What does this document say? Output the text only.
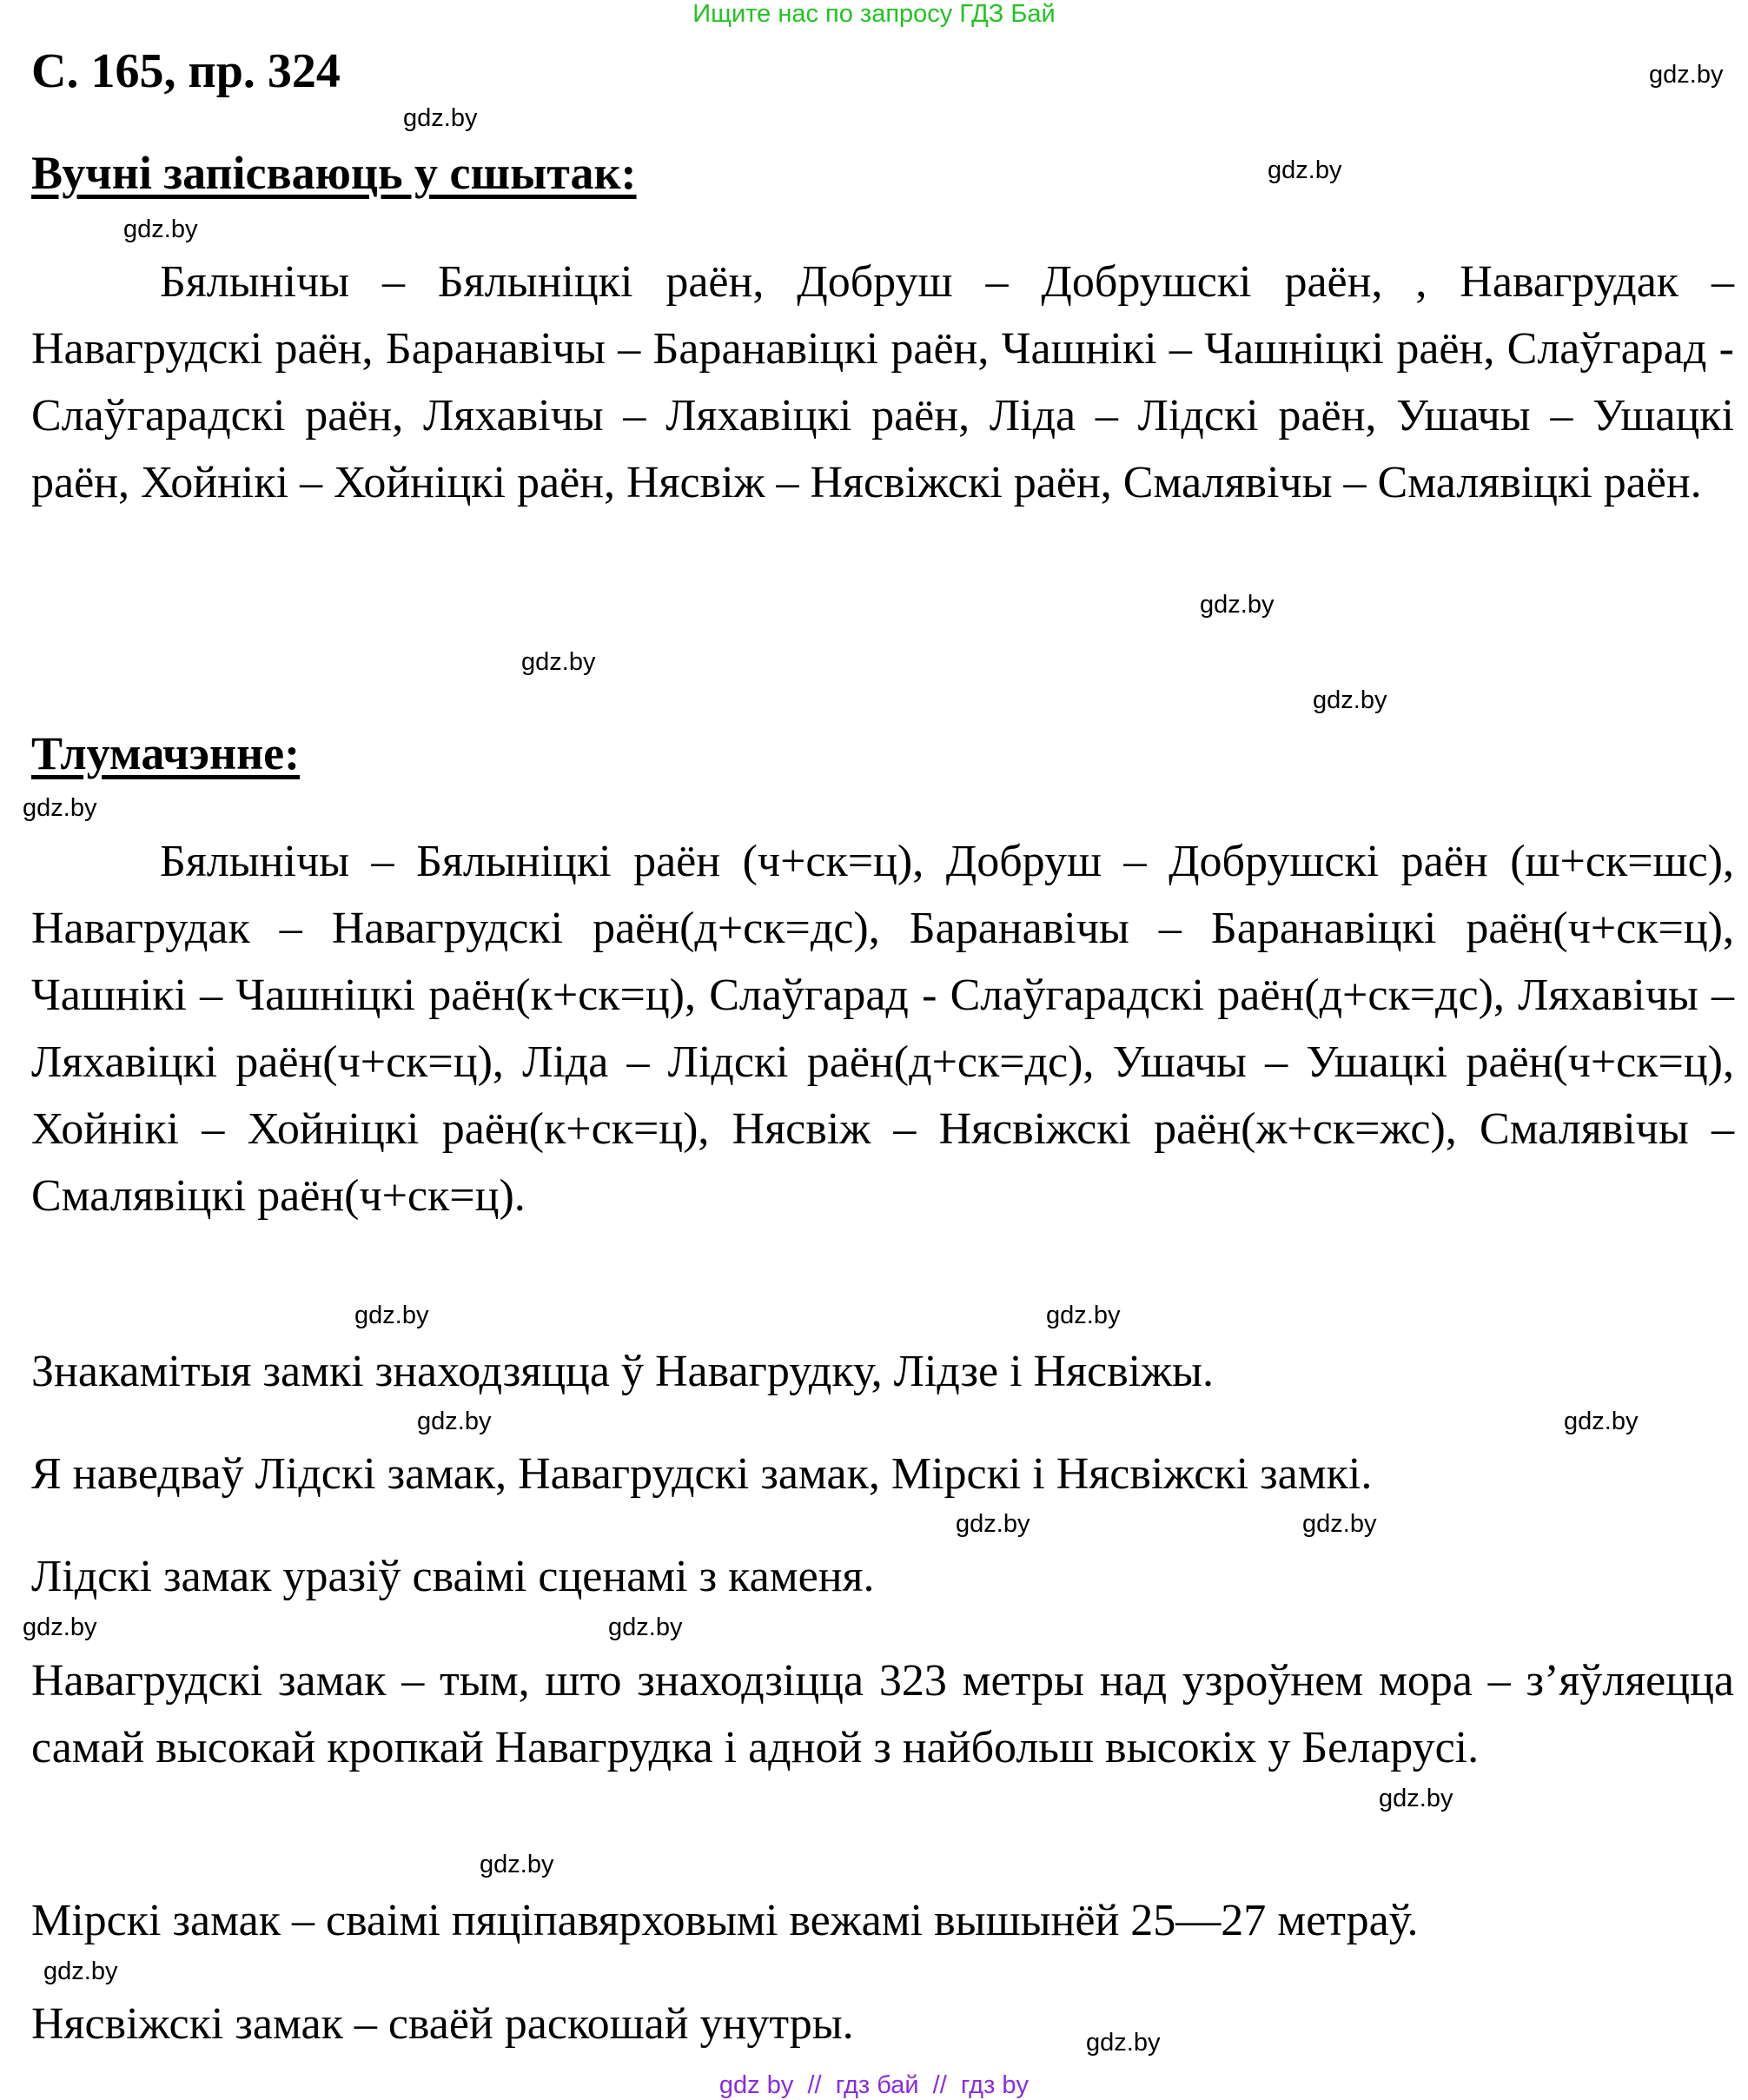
Ищите нас по запросу ГДЗ Бай
С. 165, пр. 324
Вучні запісваюць у сшытак:
Бялынічы – Бялыніцкі раён, Добруш – Добрушскі раён, , Навагрудак – Навагрудскі раён, Баранавічы – Баранавіцкі раён, Чашнікі – Чашніцкі раён, Слаўгарад - Слаўгарадскі раён, Ляхавічы – Ляхавіцкі раён, Ліда – Лідскі раён, Ушачы – Ушацкі раён, Хойнікі – Хойніцкі раён, Нясвіж – Нясвіжскі раён, Смалявічы – Смалявіцкі раён.
Тлумачэнне:
Бялынічы – Бялыніцкі раён (ч+ск=ц), Добруш – Добрушскі раён (ш+ск=шс), Навагрудак – Навагрудскі раён(д+ск=дс), Баранавічы – Баранавіцкі раён(ч+ск=ц), Чашнікі – Чашніцкі раён(к+ск=ц), Слаўгарад - Слаўгарадскі раён(д+ск=дс), Ляхавічы – Ляхавіцкі раён(ч+ск=ц), Ліда – Лідскі раён(д+ск=дс), Ушачы – Ушацкі раён(ч+ск=ц), Хойнікі – Хойніцкі раён(к+ск=ц), Нясвіж – Нясвіжскі раён(ж+ск=жс), Смалявічы – Смалявіцкі раён(ч+ск=ц).
Знакамітыя замкі знаходзяцца ў Навагрудку, Лідзе і Нясвіжы.
Я наведваў Лідскі замак, Навагрудскі замак, Мірскі і Нясвіжскі замкі.
Лідскі замак уразіў сваімі сценамі з каменя.
Навагрудскі замак – тым, што знаходзіцца 323 метры над узроўнем мора – з’яўляецца самай высокай кропкай Навагрудка і адной з найбольш высокіх у Беларусі.
Мірскі замак – сваімі пяціпавярховымі вежамі вышынёй 25—27 метраў.
Нясвіжскі замак – сваёй раскошай унутры.
gdz.by
gdz.by
gdz.by
gdz.by
gdz.by
gdz.by
gdz.by
gdz.by
gdz.by
gdz.by
gdz.by
gdz.by	gdz.by
gdz.by
gdz.by
gdz.by
gdz.by
gdz.by
gdz.by
gdz.by
gdz by  //  гдз бай  //  гдз by
